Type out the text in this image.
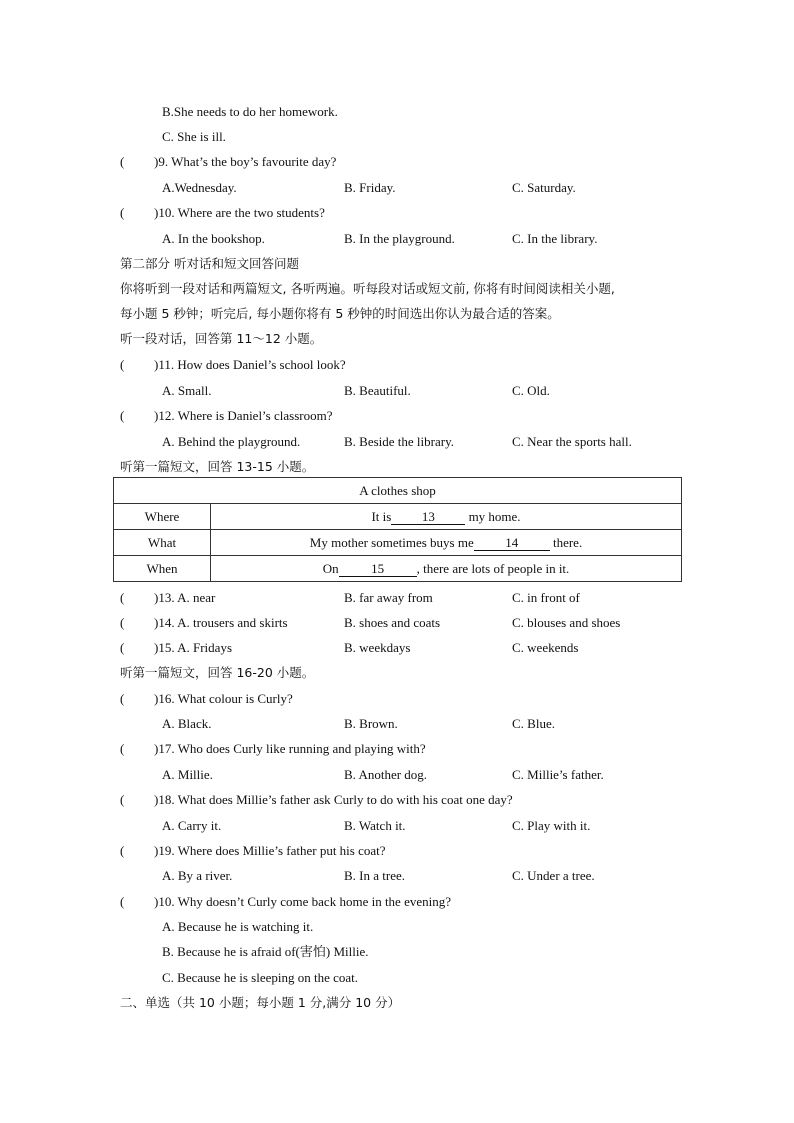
B.She needs to do her homework.
C. She is ill.
( )9. What’s the boy’s favourite day?
A.Wednesday.	B. Friday.	C. Saturday.
( )10. Where are the two students?
A. In the bookshop.	B. In the playground.	C. In the library.
第二部分 听对话和短文回答问题
你将听到一段对话和两篇短文, 各听两遍。听每段对话或短文前, 你将有时间阅读相关小题,
每小题 5 秒钟；听完后, 每小题你将有 5 秒钟的时间选出你认为最合适的答案。
听一段对话，回答第 11～12 小题。
( )11. How does Daniel’s school look?
A. Small.	B. Beautiful.	C. Old.
( )12. Where is Daniel’s classroom?
A. Behind the playground.	B. Beside the library.	C. Near the sports hall.
听第一篇短文，回答 13-15 小题。
A clothes shop	
Where	It is 13 my home.
What	My mother sometimes buys me 14 there.
When	On 15 , there are lots of people in it.
( )13. A. near	B. far away from	C. in front of
( )14. A. trousers and skirts	B. shoes and coats	C. blouses and shoes
( )15. A. Fridays	B. weekdays	C. weekends
听第一篇短文，回答 16-20 小题。
( )16. What colour is Curly?
A. Black.	B. Brown.	C. Blue.
( )17. Who does Curly like running and playing with?
A. Millie.	B. Another dog.	C. Millie’s father.
( )18. What does Millie’s father ask Curly to do with his coat one day?
A. Carry it.	B. Watch it.	C. Play with it.
( )19. Where does Millie’s father put his coat?
A. By a river.	B. In a tree.	C. Under a tree.
( )10. Why doesn’t Curly come back home in the evening?
A. Because he is watching it.
B. Because he is afraid of(害怕) Millie.
C. Because he is sleeping on the coat.
二、单选（共 10 小题；每小题 1 分,满分 10 分）
